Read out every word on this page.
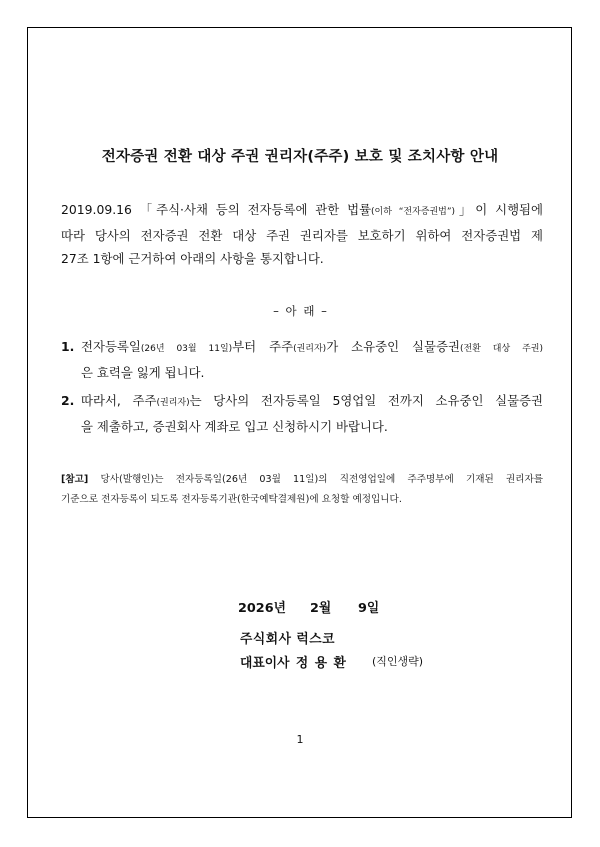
전자증권 전환 대상 주권 권리자(주주) 보호 및 조치사항 안내
2019.09.16 「주식·사채 등의 전자등록에 관한 법률(이하 “전자증권법”)」이 시행됨에
따라 당사의 전자증권 전환 대상 주권 권리자를 보호하기 위하여 전자증권법 제
27조 1항에 근거하여 아래의 사항을 통지합니다.
– 아 래 –
1. 전자등록일(26년 03월 11일)부터 주주(권리자)가 소유중인 실물증권(전환 대상 주권)
은 효력을 잃게 됩니다.
2. 따라서, 주주(권리자)는 당사의 전자등록일 5영업일 전까지 소유중인 실물증권
을 제출하고, 증권회사 계좌로 입고 신청하시기 바랍니다.
[참고] 당사(발행인)는 전자등록일(26년 03월 11일)의 직전영업일에 주주명부에 기재된 권리자를
기준으로 전자등록이 되도록 전자등록기관(한국예탁결제원)에 요청할 예정입니다.
2026년 2월 9일
주식회사 럭스코
대표이사 정 용 환 (직인생략)
1
